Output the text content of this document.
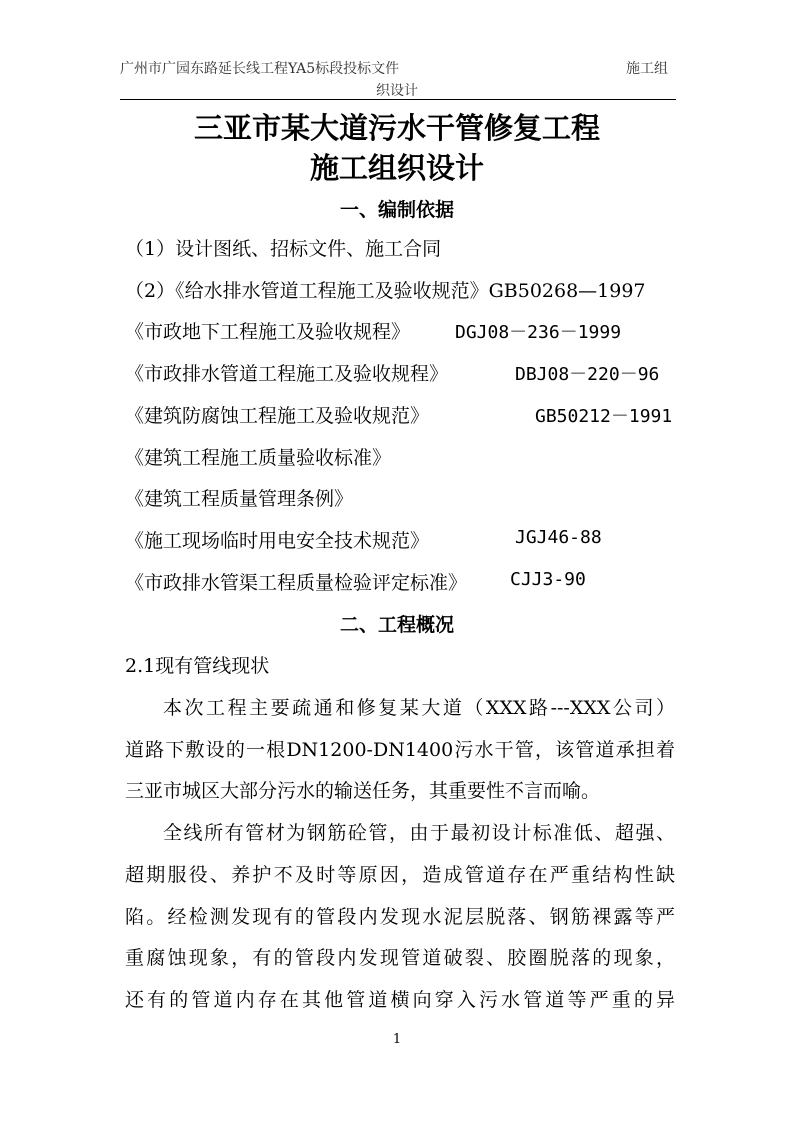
广州市广园东路延长线工程YA5标段投标文件	施工组
织设计
三亚市某大道污水干管修复工程
施工组织设计
一、编制依据
（1）设计图纸、招标文件、施工合同
（2）《给水排水管道工程施工及验收规范》GB50268—1997
《市政地下工程施工及验收规程》 DGJ08－236－1999
《市政排水管道工程施工及验收规程》	DBJ08－220－96
《建筑防腐蚀工程施工及验收规范》	GB50212－1991
《建筑工程施工质量验收标准》
《建筑工程质量管理条例》
《施工现场临时用电安全技术规范》	JGJ46-88
《市政排水管渠工程质量检验评定标准》 CJJ3-90
二、工程概况
2.1现有管线现状
本次工程主要疏通和修复某大道（XXX路---XXX公司）
道路下敷设的一根DN1200-DN1400污水干管，该管道承担着
三亚市城区大部分污水的输送任务，其重要性不言而喻。
全线所有管材为钢筋砼管，由于最初设计标准低、超强、
超期服役、养护不及时等原因，造成管道存在严重结构性缺
陷。经检测发现有的管段内发现水泥层脱落、钢筋裸露等严
重腐蚀现象，有的管段内发现管道破裂、胶圈脱落的现象，
还有的管道内存在其他管道横向穿入污水管道等严重的异
1
